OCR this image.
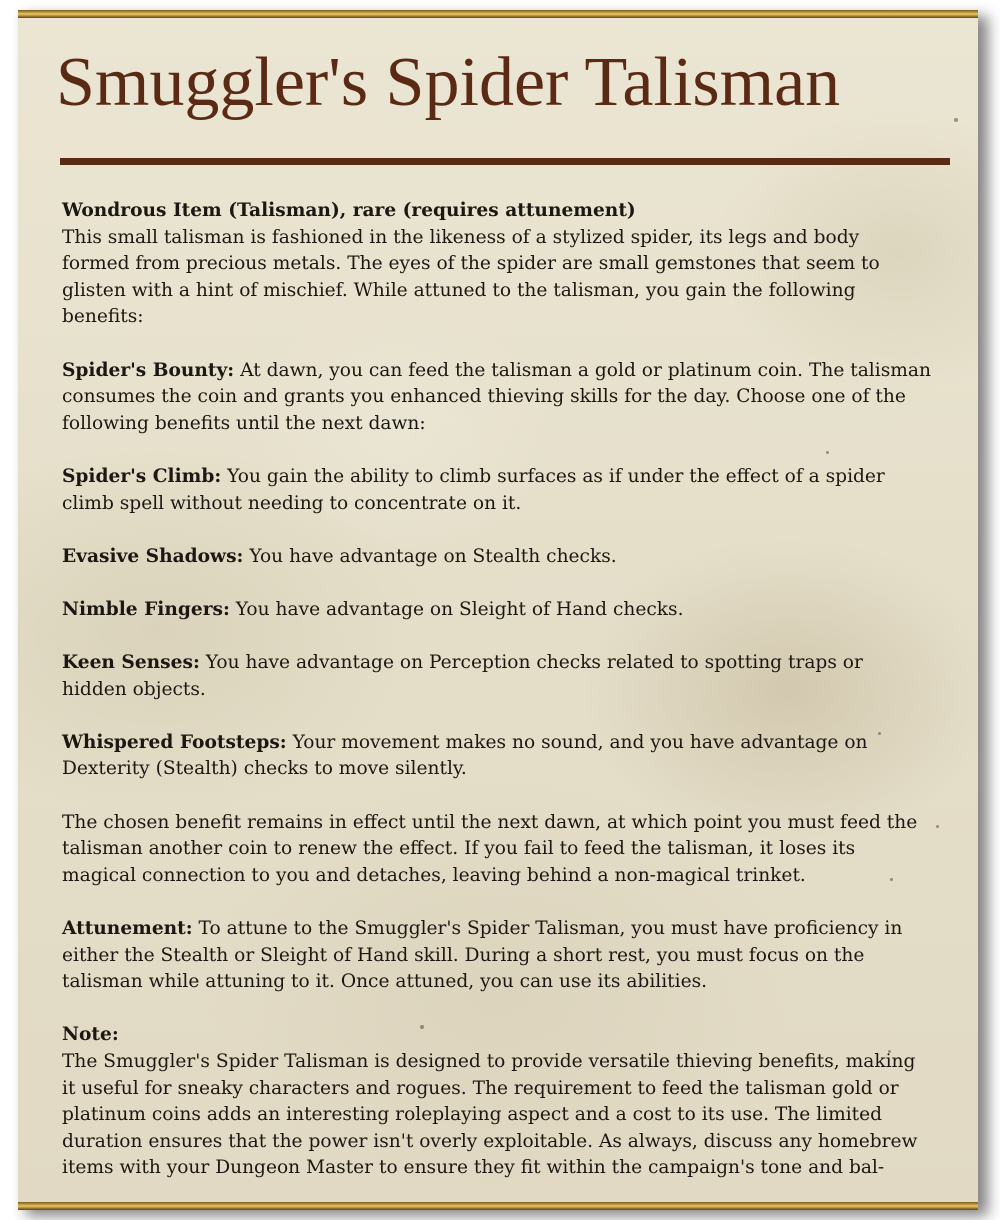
Smuggler's Spider Talisman

Wondrous Item (Talisman), rare (requires attunement)
This small talisman is fashioned in the likeness of a stylized spider, its legs and body formed from precious metals. The eyes of the spider are small gemstones that seem to glisten with a hint of mischief. While attuned to the talisman, you gain the following benefits:

Spider's Bounty: At dawn, you can feed the talisman a gold or platinum coin. The talisman consumes the coin and grants you enhanced thieving skills for the day. Choose one of the following benefits until the next dawn:

Spider's Climb: You gain the ability to climb surfaces as if under the effect of a spider climb spell without needing to concentrate on it.

Evasive Shadows: You have advantage on Stealth checks.

Nimble Fingers: You have advantage on Sleight of Hand checks.

Keen Senses: You have advantage on Perception checks related to spotting traps or hidden objects.

Whispered Footsteps: Your movement makes no sound, and you have advantage on Dexterity (Stealth) checks to move silently.

The chosen benefit remains in effect until the next dawn, at which point you must feed the talisman another coin to renew the effect. If you fail to feed the talisman, it loses its magical connection to you and detaches, leaving behind a non-magical trinket.

Attunement: To attune to the Smuggler's Spider Talisman, you must have proficiency in either the Stealth or Sleight of Hand skill. During a short rest, you must focus on the talisman while attuning to it. Once attuned, you can use its abilities.

Note:
The Smuggler's Spider Talisman is designed to provide versatile thieving benefits, making it useful for sneaky characters and rogues. The requirement to feed the talisman gold or platinum coins adds an interesting roleplaying aspect and a cost to its use. The limited duration ensures that the power isn't overly exploitable. As always, discuss any homebrew items with your Dungeon Master to ensure they fit within the campaign's tone and bal-
